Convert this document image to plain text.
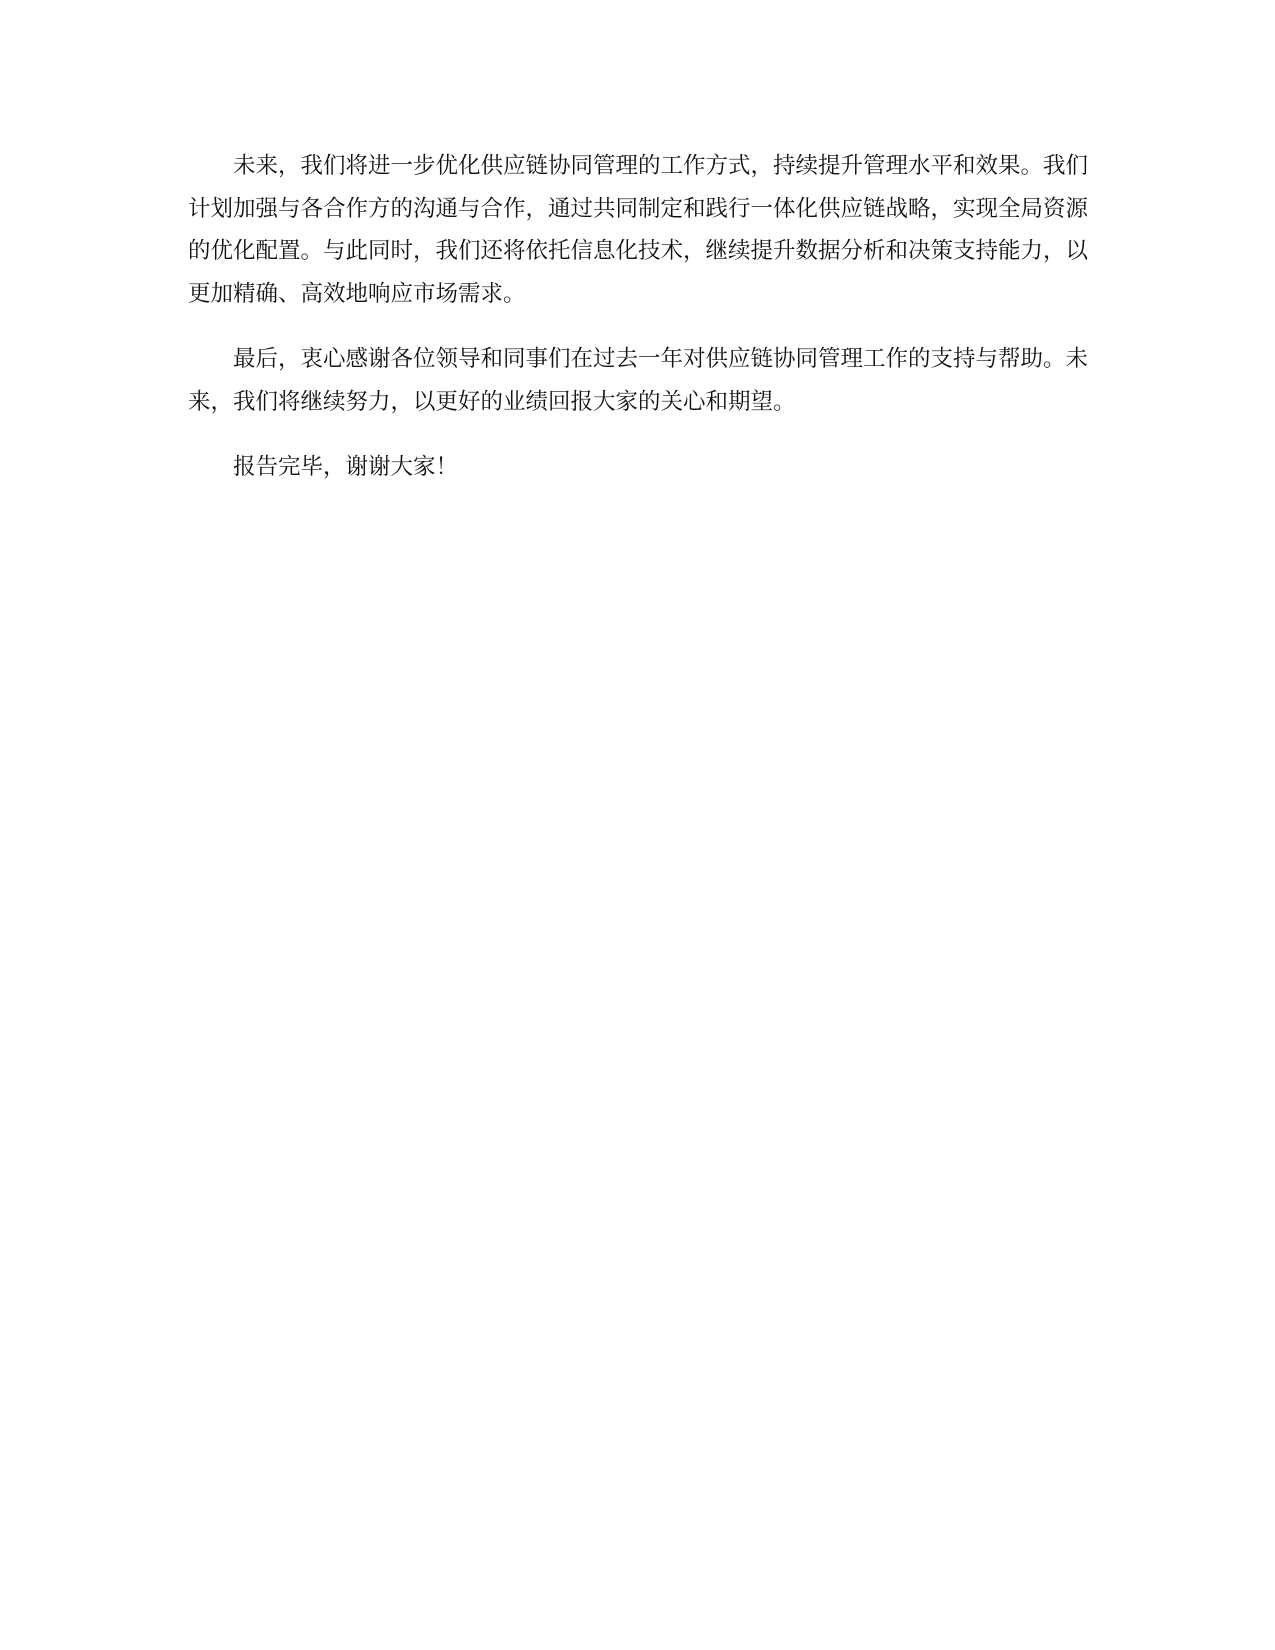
未来，我们将进一步优化供应链协同管理的工作方式，持续提升管理水平和效果。我们计划加强与各合作方的沟通与合作，通过共同制定和践行一体化供应链战略，实现全局资源的优化配置。与此同时，我们还将依托信息化技术，继续提升数据分析和决策支持能力，以更加精确、高效地响应市场需求。

最后，衷心感谢各位领导和同事们在过去一年对供应链协同管理工作的支持与帮助。未来，我们将继续努力，以更好的业绩回报大家的关心和期望。

报告完毕，谢谢大家！
